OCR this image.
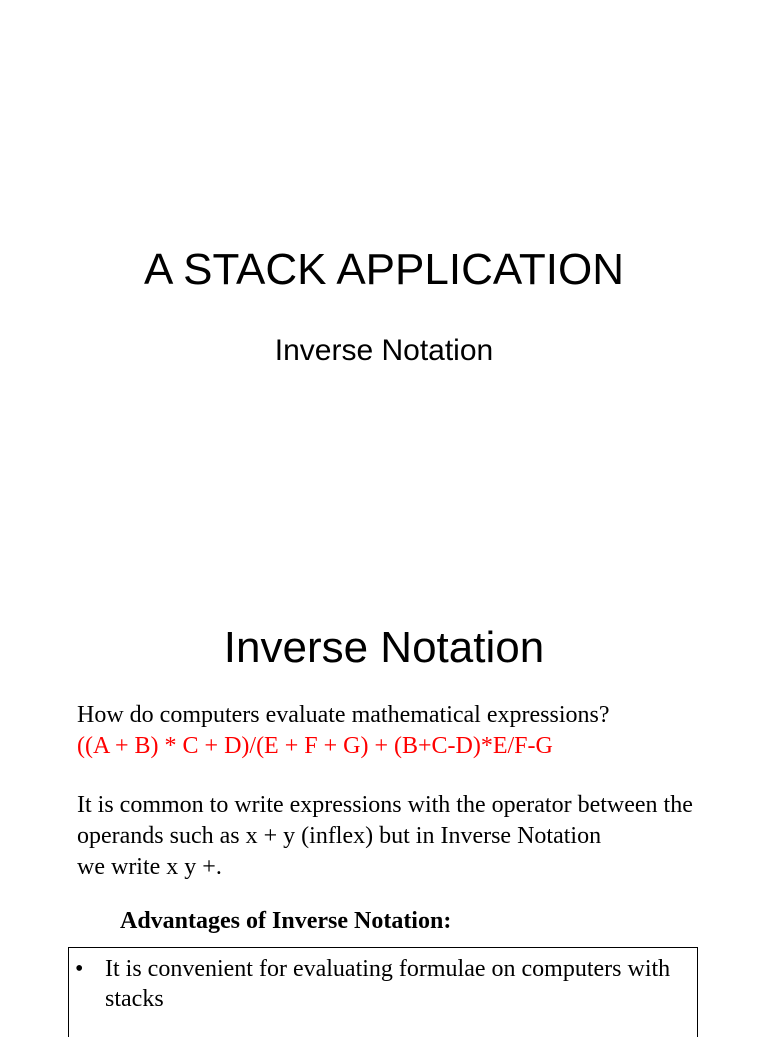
A STACK APPLICATION
Inverse Notation
Inverse Notation
How do computers evaluate mathematical expressions?
((A + B) * C + D)/(E + F + G) + (B+C-D)*E/F-G
It is common to write expressions with the operator between the
operands such as x + y (inflex) but in Inverse Notation
we write x y +.
Advantages of Inverse Notation:
• It is convenient for evaluating formulae on computers with stacks
